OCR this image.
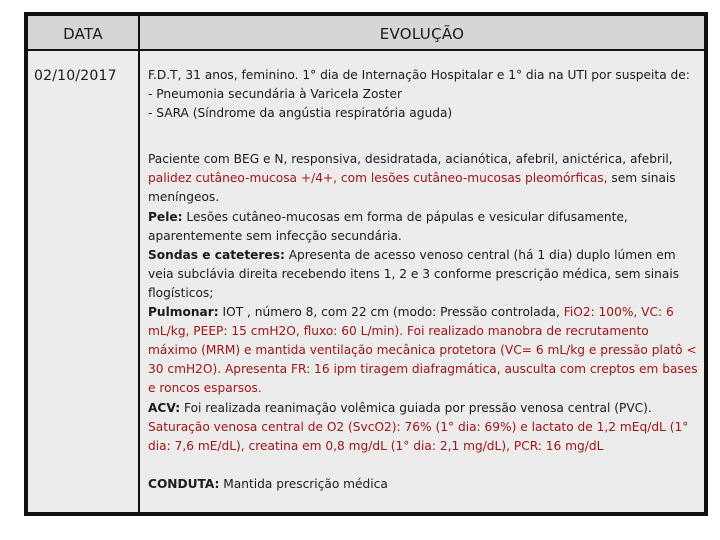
DATA	EVOLUÇÃO
02/10/2017	F.D.T, 31 anos, feminino. 1° dia de Internação Hospitalar e 1° dia na UTI por suspeita de:

- Pneumonia secundária à Varicela Zoster

- SARA (Síndrome da angústia respiratória aguda)

Paciente com BEG e N, responsiva, desidratada, acianótica, afebril, anictérica, afebril, palidez cutâneo-mucosa +/4+, com lesões cutâneo-mucosas pleomórficas, sem sinais meníngeos.

Pele: Lesões cutâneo-mucosas em forma de pápulas e vesicular difusamente, aparentemente sem infecção secundária.

Sondas e cateteres: Apresenta de acesso venoso central (há 1 dia) duplo lúmen em veia subclávia direita recebendo itens 1, 2 e 3 conforme prescrição médica, sem sinais flogísticos;

Pulmonar: IOT , número 8, com 22 cm (modo: Pressão controlada, FiO2: 100%, VC: 6 mL/kg, PEEP: 15 cmH2O, fluxo: 60 L/min). Foi realizado manobra de recrutamento máximo (MRM) e mantida ventilação mecânica protetora (VC= 6 mL/kg e pressão platô < 30 cmH2O). Apresenta FR: 16 ipm tiragem diafragmática, ausculta com creptos em bases e roncos esparsos.

ACV: Foi realizada reanimação volêmica guiada por pressão venosa central (PVC). Saturação venosa central de O2 (SvcO2): 76% (1° dia: 69%) e lactato de 1,2 mEq/dL (1° dia: 7,6 mE/dL), creatina em 0,8 mg/dL (1° dia: 2,1 mg/dL), PCR: 16 mg/dL

CONDUTA: Mantida prescrição médica
